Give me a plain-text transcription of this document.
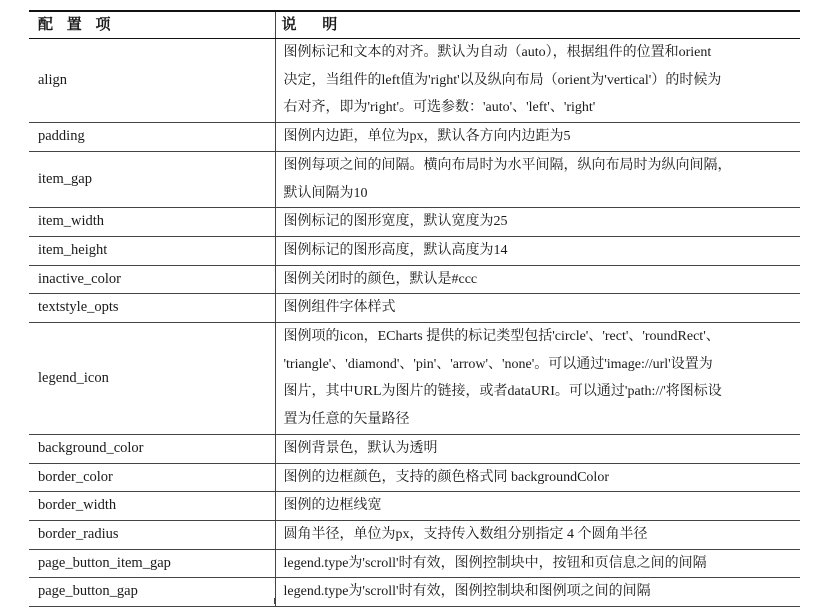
配 置 项	说 明
align	图例标记和文本的对齐。默认为自动（auto），根据组件的位置和orient
决定，当组件的left值为'right'以及纵向布局（orient为'vertical'）的时候为
右对齐，即为'right'。可选参数：'auto'、'left'、'right'

padding	图例内边距，单位为px，默认各方向内边距为5

item_gap	图例每项之间的间隔。横向布局时为水平间隔，纵向布局时为纵向间隔，
默认间隔为10

item_width	图例标记的图形宽度，默认宽度为25

item_height	图例标记的图形高度，默认高度为14

inactive_color	图例关闭时的颜色，默认是#ccc

textstyle_opts	图例组件字体样式

legend_icon	图例项的icon，ECharts 提供的标记类型包括'circle'、'rect'、'roundRect'、
'triangle'、'diamond'、'pin'、'arrow'、'none'。可以通过'image://url'设置为
图片，其中URL为图片的链接，或者dataURI。可以通过'path://'将图标设
置为任意的矢量路径

background_color	图例背景色，默认为透明

border_color	图例的边框颜色，支持的颜色格式同 backgroundColor

border_width	图例的边框线宽

border_radius	圆角半径，单位为px，支持传入数组分别指定 4 个圆角半径

page_button_item_gap	legend.type为'scroll'时有效，图例控制块中，按钮和页信息之间的间隔

page_button_gap	legend.type为'scroll'时有效，图例控制块和图例项之间的间隔
